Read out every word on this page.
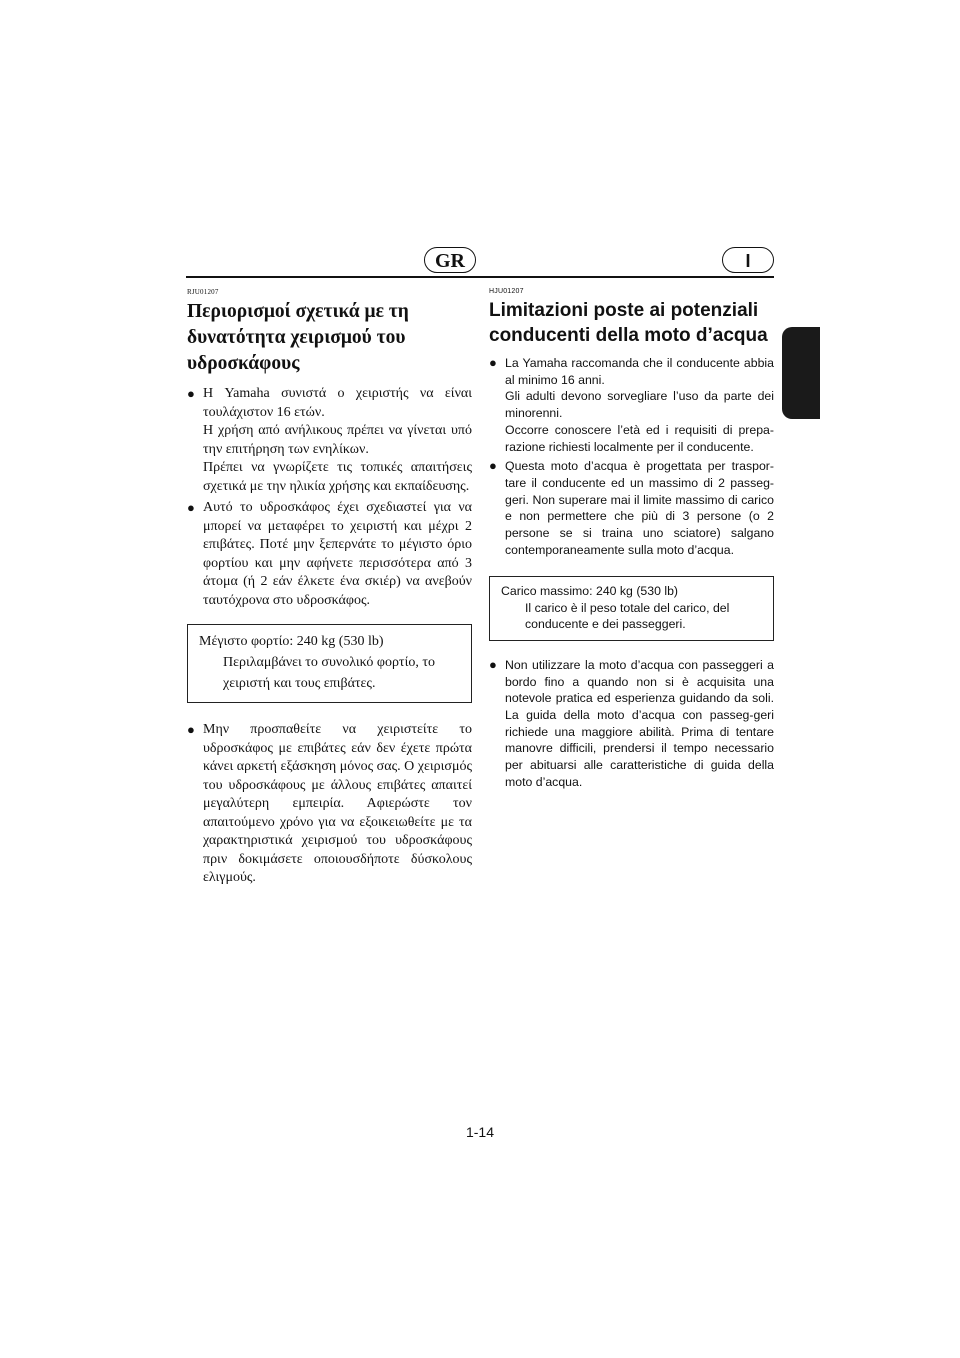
GR	I
RJU01207
Περιορισμοί σχετικά με τη δυνατότητα χειρισμού του υδροσκάφους
● Η Yamaha συνιστά ο χειριστής να είναι τουλάχιστον 16 ετών.

Η χρήση από ανήλικους πρέπει να γίνεται υπό την επιτήρηση των ενηλίκων.

Πρέπει να γνωρίζετε τις τοπικές απαιτήσεις σχετικά με την ηλικία χρήσης και εκπαίδευσης.

● Αυτό το υδροσκάφος έχει σχεδιαστεί για να μπορεί να μεταφέρει το χειριστή και μέχρι 2 επιβάτες. Ποτέ μην ξεπερνάτε το μέγιστο όριο φορτίου και μην αφήνετε περισσότερα από 3 άτομα (ή 2 εάν έλκετε ένα σκιέρ) να ανεβούν ταυτόχρονα στο υδροσκάφος.

Μέγιστο φορτίο: 240 kg (530 lb)
Περιλαμβάνει το συνολικό φορτίο, το χειριστή και τους επιβάτες.
● Μην προσπαθείτε να χειριστείτε το υδροσκάφος με επιβάτες εάν δεν έχετε πρώτα κάνει αρκετή εξάσκηση μόνος σας. Ο χειρισμός του υδροσκάφους με άλλους επιβάτες απαιτεί μεγαλύτερη εμπειρία. Αφιερώστε τον απαιτούμενο χρόνο για να εξοικειωθείτε με τα χαρακτηριστικά χειρισμού του υδροσκάφους πριν δοκιμάσετε οποιουσδήποτε δύσκολους ελιγμούς.

HJU01207
Limitazioni poste ai potenziali conducenti della moto d’acqua
● La Yamaha raccomanda che il conducente abbia al minimo 16 anni.

Gli adulti devono sorvegliare l’uso da parte dei minorenni.

Occorre conoscere l’età ed i requisiti di prepa-razione richiesti localmente per il conducente.

● Questa moto d’acqua è progettata per traspor-tare il conducente ed un massimo di 2 passeg-geri. Non superare mai il limite massimo di carico e non permettere che più di 3 persone (o 2 persone se si traina uno sciatore) salgano contemporaneamente sulla moto d’acqua.

Carico massimo: 240 kg (530 lb)
Il carico è il peso totale del carico, del conducente e dei passeggeri.
● Non utilizzare la moto d’acqua con passeggeri a bordo fino a quando non si è acquisita una notevole pratica ed esperienza guidando da soli. La guida della moto d’acqua con passeg-geri richiede una maggiore abilità. Prima di tentare manovre difficili, prendersi il tempo necessario per abituarsi alle caratteristiche di guida della moto d’acqua.

1-14
